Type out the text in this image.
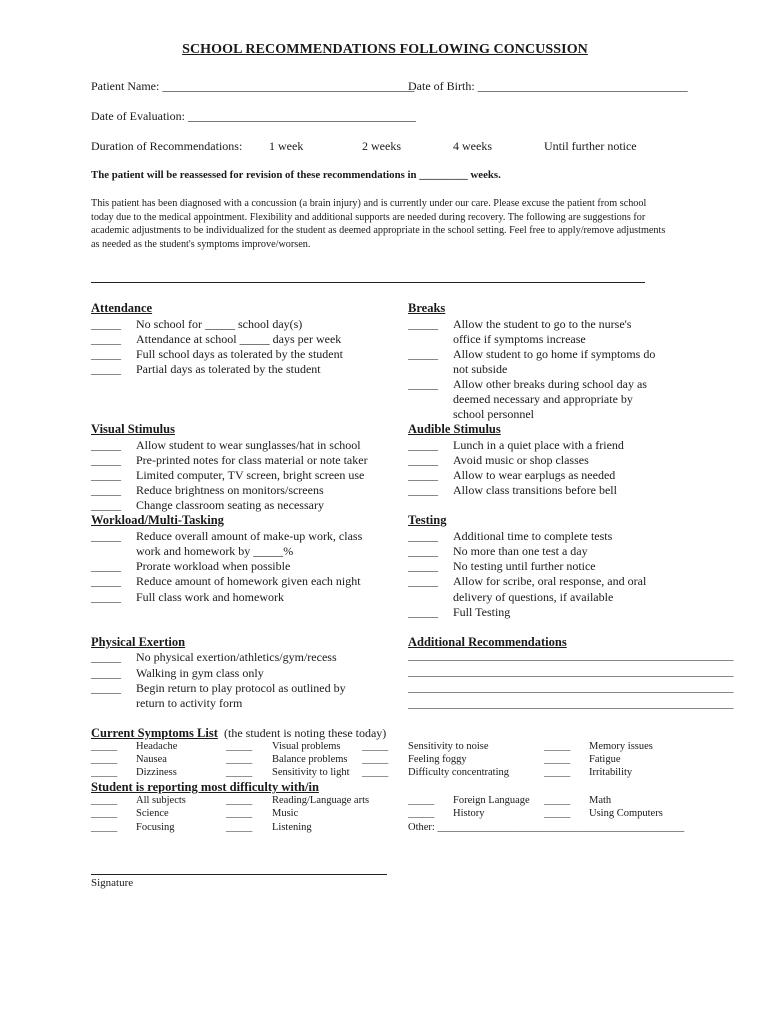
SCHOOL RECOMMENDATIONS FOLLOWING CONCUSSION
Patient Name: __________________________________________
Date of Birth: ___________________________________
Date of Evaluation: ______________________________________
Duration of Recommendations: 1 week	2 weeks	4 weeks	Until further notice
The patient will be reassessed for revision of these recommendations in _________ weeks.
This patient has been diagnosed with a concussion (a brain injury) and is currently under our care. Please excuse the patient from school today due to the medical appointment. Flexibility and additional supports are needed during recovery. The following are suggestions for academic adjustments to be individualized for the student as deemed appropriate in the school setting. Feel free to apply/remove adjustments as needed as the student's symptoms improve/worsen.
Attendance
_____ No school for _____ school day(s)
_____ Attendance at school _____ days per week
_____ Full school days as tolerated by the student
_____ Partial days as tolerated by the student
Breaks
_____ Allow the student to go to the nurse's
office if symptoms increase
_____ Allow student to go home if symptoms do
not subside
_____ Allow other breaks during school day as
deemed necessary and appropriate by
school personnel
Visual Stimulus
_____ Allow student to wear sunglasses/hat in school
_____ Pre-printed notes for class material or note taker
_____ Limited computer, TV screen, bright screen use
_____ Reduce brightness on monitors/screens
_____ Change classroom seating as necessary
Audible Stimulus
_____ Lunch in a quiet place with a friend
_____ Avoid music or shop classes
_____ Allow to wear earplugs as needed
_____ Allow class transitions before bell
Workload/Multi-Tasking
_____ Reduce overall amount of make-up work, class
work and homework by _____%
_____ Prorate workload when possible
_____ Reduce amount of homework given each night
_____ Full class work and homework
Testing
_____ Additional time to complete tests
_____ No more than one test a day
_____ No testing until further notice
_____ Allow for scribe, oral response, and oral
delivery of questions, if available
_____ Full Testing
Physical Exertion
_____ No physical exertion/athletics/gym/recess
_____ Walking in gym class only
_____ Begin return to play protocol as outlined by
return to activity form
Additional Recommendations
______________________________________________________________
______________________________________________________________
______________________________________________________________
______________________________________________________________
Current Symptoms List (the student is noting these today)
_____ Headache
_____ Nausea
_____ Dizziness
_____ Visual problems
_____ Balance problems
_____ Sensitivity to light
_____ Sensitivity to noise
_____ Feeling foggy
_____ Difficulty concentrating
_____ Memory issues
_____ Fatigue
_____ Irritability
Student is reporting most difficulty with/in
_____ All subjects
_____ Science
_____ Focusing
_____ Reading/Language arts
_____ Music
_____ Listening
_____ Foreign Language
_____ History
_____ Math
_____ Using Computers
Other: _______________________________________________
Signature
